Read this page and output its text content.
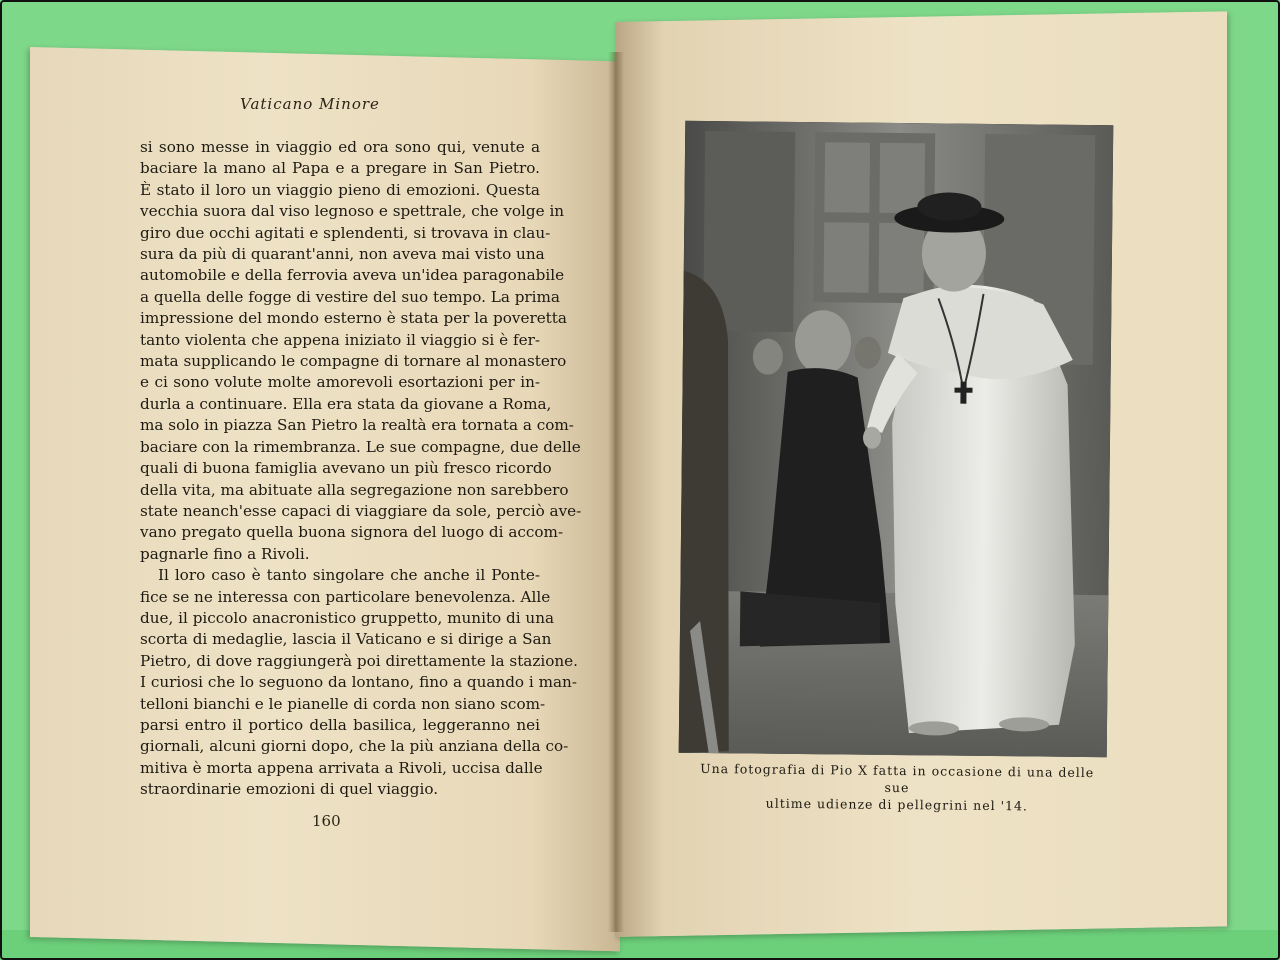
Vaticano Minore
si sono messe in viaggio ed ora sono qui, venute a
baciare la mano al Papa e a pregare in San Pietro.
È stato il loro un viaggio pieno di emozioni. Questa
vecchia suora dal viso legnoso e spettrale, che volge in
giro due occhi agitati e splendenti, si trovava in clau-
sura da più di quarant'anni, non aveva mai visto una
automobile e della ferrovia aveva un'idea paragonabile
a quella delle fogge di vestire del suo tempo. La prima
impressione del mondo esterno è stata per la poveretta
tanto violenta che appena iniziato il viaggio si è fer-
mata supplicando le compagne di tornare al monastero
e ci sono volute molte amorevoli esortazioni per in-
durla a continuare. Ella era stata da giovane a Roma,
ma solo in piazza San Pietro la realtà era tornata a com-
baciare con la rimembranza. Le sue compagne, due delle
quali di buona famiglia avevano un più fresco ricordo
della vita, ma abituate alla segregazione non sarebbero
state neanch'esse capaci di viaggiare da sole, perciò ave-
vano pregato quella buona signora del luogo di accom-
pagnarle fino a Rivoli.
Il loro caso è tanto singolare che anche il Ponte-
fice se ne interessa con particolare benevolenza. Alle
due, il piccolo anacronistico gruppetto, munito di una
scorta di medaglie, lascia il Vaticano e si dirige a San
Pietro, di dove raggiungerà poi direttamente la stazione.
I curiosi che lo seguono da lontano, fino a quando i man-
telloni bianchi e le pianelle di corda non siano scom-
parsi entro il portico della basilica, leggeranno nei
giornali, alcuni giorni dopo, che la più anziana della co-
mitiva è morta appena arrivata a Rivoli, uccisa dalle
straordinarie emozioni di quel viaggio.
160
Una fotografia di Pio X fatta in occasione di una delle sue
ultime udienze di pellegrini nel '14.
